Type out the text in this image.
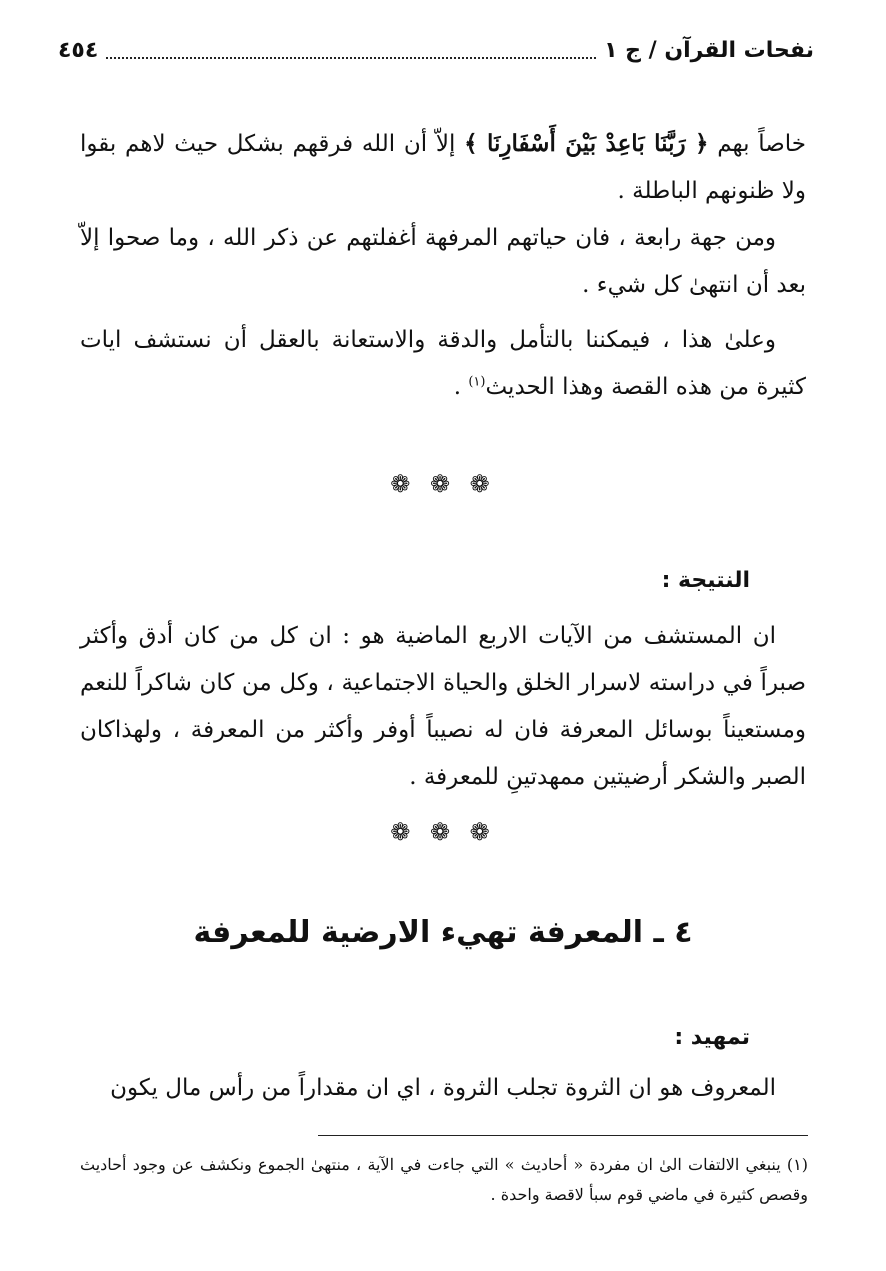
نفحات القرآن / ج ١
٤٥٤
خاصاً بهم ﴿ رَبَّنَا بَاعِدْ بَيْنَ أَسْفَارِنَا ﴾ إلاّ أن الله فرقهم بشكل حيث لاهم بقوا ولا ظنونهم الباطلة .
ومن جهة رابعة ، فان حياتهم المرفهة أغفلتهم عن ذكر الله ، وما صحوا إلاّ بعد أن انتهىٰ كل شيء .
وعلىٰ هذا ، فيمكننا بالتأمل والدقة والاستعانة بالعقل أن نستشف ايات كثيرة من هذه القصة وهذا الحديث$^{(١)}$ .
❁ ❁ ❁
النتيجة :
ان المستشف من الآيات الاربع الماضية هو : ان كل من كان أدق وأكثر صبراً في دراسته لاسرار الخلق والحياة الاجتماعية ، وكل من كان شاكراً للنعم ومستعيناً بوسائل المعرفة فان له نصيباً أوفر وأكثر من المعرفة ، ولهذاكان الصبر والشكر أرضيتين ممهدتينِ للمعرفة .
❁ ❁ ❁
٤ ـ المعرفة تهيء الارضية للمعرفة
تمهيد :
المعروف هو ان الثروة تجلب الثروة ، اي ان مقداراً من رأس مال يكون
(١) ينبغي الالتفات الىٰ ان مفردة « أحاديث » التي جاءت في الآية ، منتهىٰ الجموع ونكشف عن وجود أحاديث وقصص كثيرة في ماضي قوم سبأ لاقصة واحدة .
